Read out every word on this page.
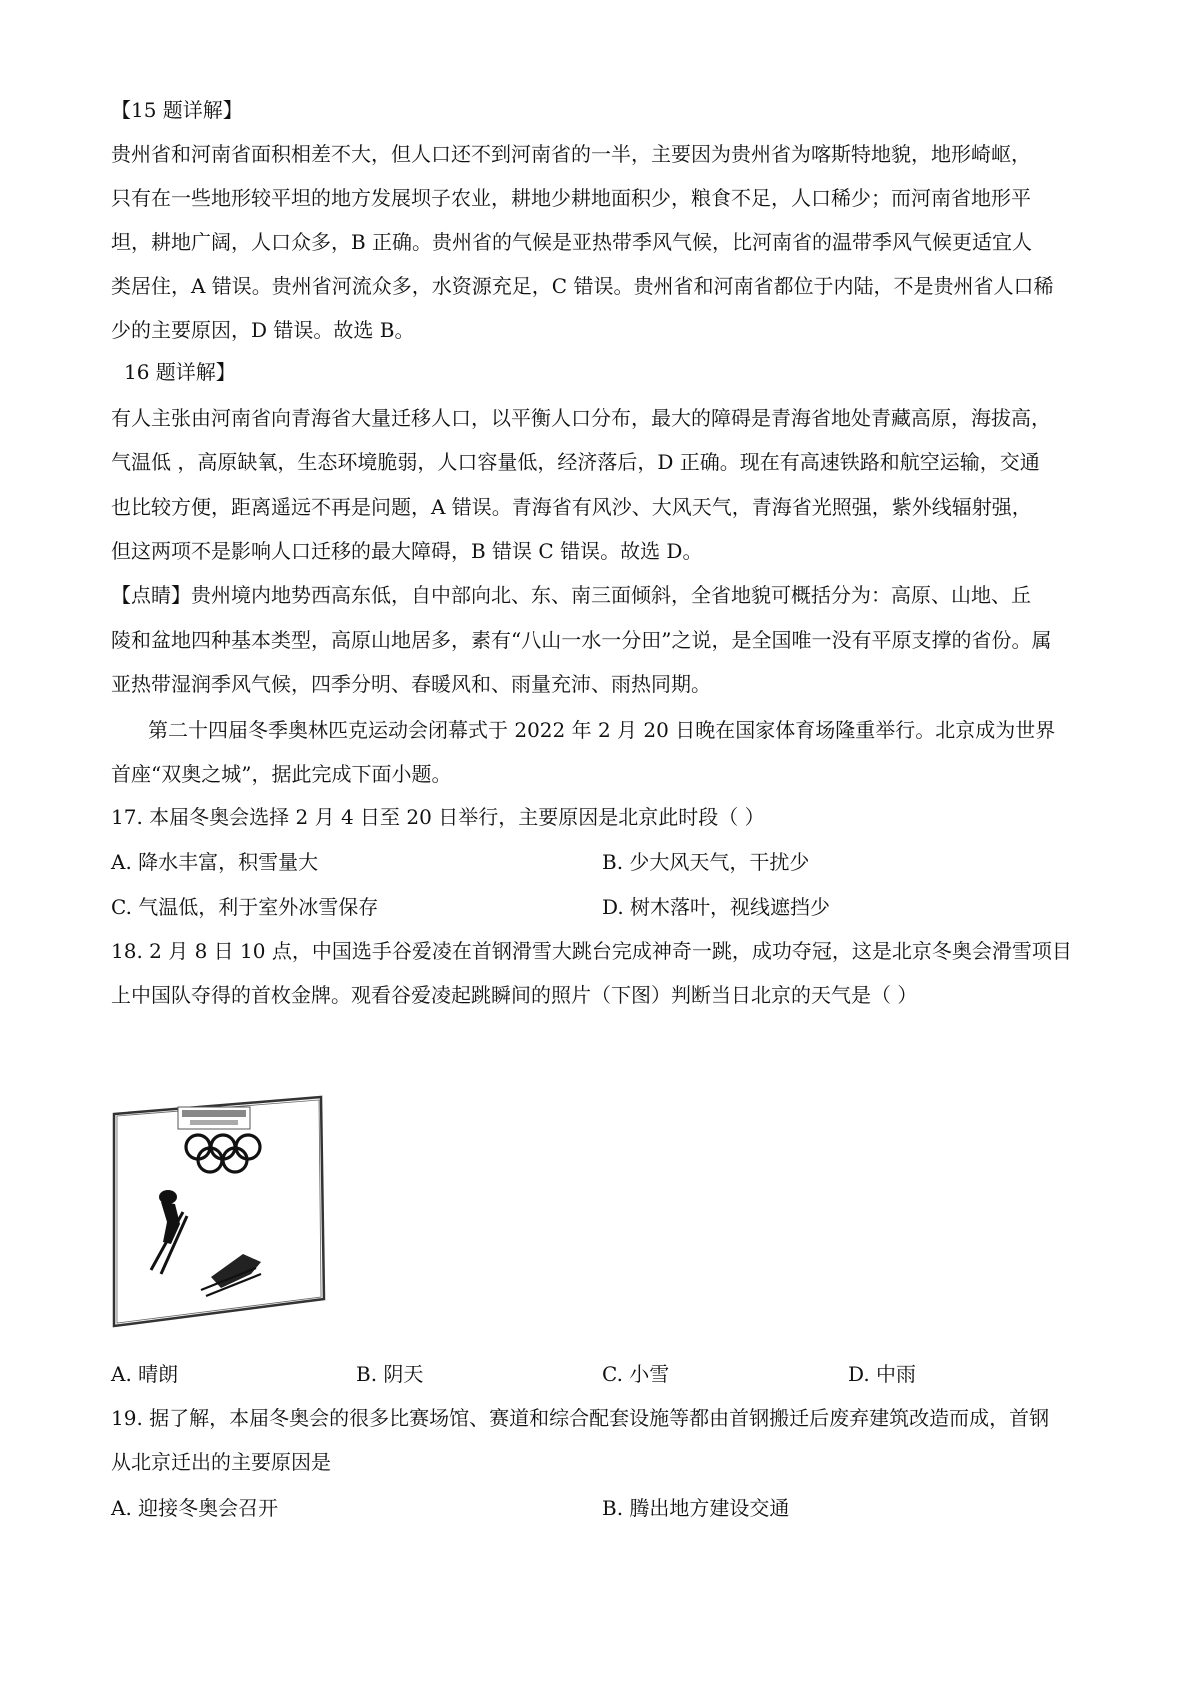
【15 题详解】
贵州省和河南省面积相差不大，但人口还不到河南省的一半，主要因为贵州省为喀斯特地貌，地形崎岖，
只有在一些地形较平坦的地方发展坝子农业，耕地少耕地面积少，粮食不足，人口稀少；而河南省地形平
坦，耕地广阔，人口众多，B 正确。贵州省的气候是亚热带季风气候，比河南省的温带季风气候更适宜人
类居住，A 错误。贵州省河流众多，水资源充足，C 错误。贵州省和河南省都位于内陆，不是贵州省人口稀
少的主要原因，D 错误。故选 B。
16 题详解】
有人主张由河南省向青海省大量迁移人口，以平衡人口分布，最大的障碍是青海省地处青藏高原，海拔高，
气温低 ，高原缺氧，生态环境脆弱，人口容量低，经济落后，D 正确。现在有高速铁路和航空运输，交通
也比较方便，距离遥远不再是问题，A 错误。青海省有风沙、大风天气，青海省光照强，紫外线辐射强，
但这两项不是影响人口迁移的最大障碍，B 错误 C 错误。故选 D。
【点睛】贵州境内地势西高东低，自中部向北、东、南三面倾斜，全省地貌可概括分为：高原、山地、丘
陵和盆地四种基本类型，高原山地居多，素有“八山一水一分田”之说，是全国唯一没有平原支撑的省份。属
亚热带湿润季风气候，四季分明、春暖风和、雨量充沛、雨热同期。
第二十四届冬季奥林匹克运动会闭幕式于 2022 年 2 月 20 日晚在国家体育场隆重举行。北京成为世界
首座“双奥之城”，据此完成下面小题。
17. 本届冬奥会选择 2 月 4 日至 20 日举行，主要原因是北京此时段（ ）
A. 降水丰富，积雪量大	B. 少大风天气，干扰少
C. 气温低，利于室外冰雪保存	D. 树木落叶，视线遮挡少
18. 2 月 8 日 10 点，中国选手谷爱凌在首钢滑雪大跳台完成神奇一跳，成功夺冠，这是北京冬奥会滑雪项目
上中国队夺得的首枚金牌。观看谷爱凌起跳瞬间的照片（下图）判断当日北京的天气是（ ）
A. 晴朗	B. 阴天	C. 小雪	D. 中雨
19. 据了解，本届冬奥会的很多比赛场馆、赛道和综合配套设施等都由首钢搬迁后废弃建筑改造而成，首钢
从北京迁出的主要原因是
A. 迎接冬奥会召开	B. 腾出地方建设交通
